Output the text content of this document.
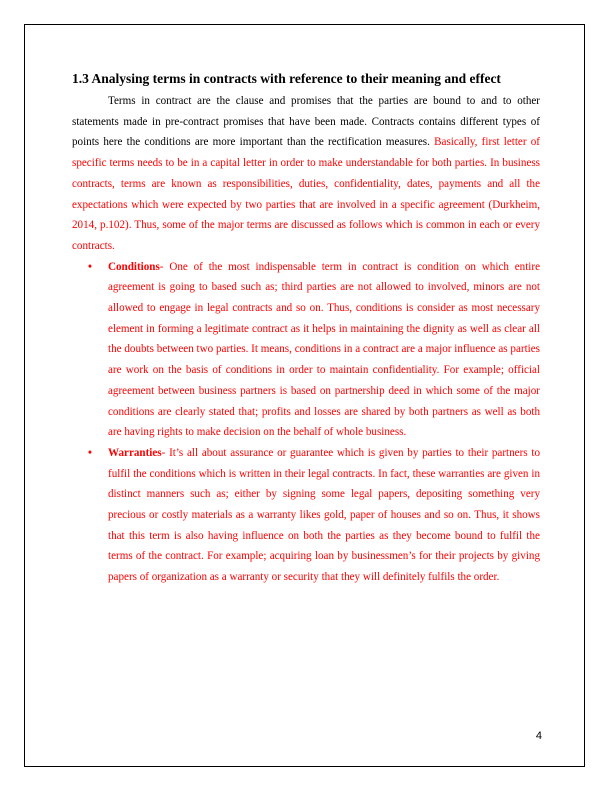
1.3 Analysing terms in contracts with reference to their meaning and effect

Terms in contract are the clause and promises that the parties are bound to and to other statements made in pre-contract promises that have been made. Contracts contains different types of points here the conditions are more important than the rectification measures. Basically, first letter of specific terms needs to be in a capital letter in order to make understandable for both parties. In business contracts, terms are known as responsibilities, duties, confidentiality, dates, payments and all the expectations which were expected by two parties that are involved in a specific agreement (Durkheim, 2014, p.102). Thus, some of the major terms are discussed as follows which is common in each or every contracts.

• Conditions- One of the most indispensable term in contract is condition on which entire agreement is going to based such as; third parties are not allowed to involved, minors are not allowed to engage in legal contracts and so on. Thus, conditions is consider as most necessary element in forming a legitimate contract as it helps in maintaining the dignity as well as clear all the doubts between two parties. It means, conditions in a contract are a major influence as parties are work on the basis of conditions in order to maintain confidentiality. For example; official agreement between business partners is based on partnership deed in which some of the major conditions are clearly stated that; profits and losses are shared by both partners as well as both are having rights to make decision on the behalf of whole business.
• Warranties- It’s all about assurance or guarantee which is given by parties to their partners to fulfil the conditions which is written in their legal contracts. In fact, these warranties are given in distinct manners such as; either by signing some legal papers, depositing something very precious or costly materials as a warranty likes gold, paper of houses and so on. Thus, it shows that this term is also having influence on both the parties as they become bound to fulfil the terms of the contract. For example; acquiring loan by businessmen’s for their projects by giving papers of organization as a warranty or security that they will definitely fulfils the order.
4
